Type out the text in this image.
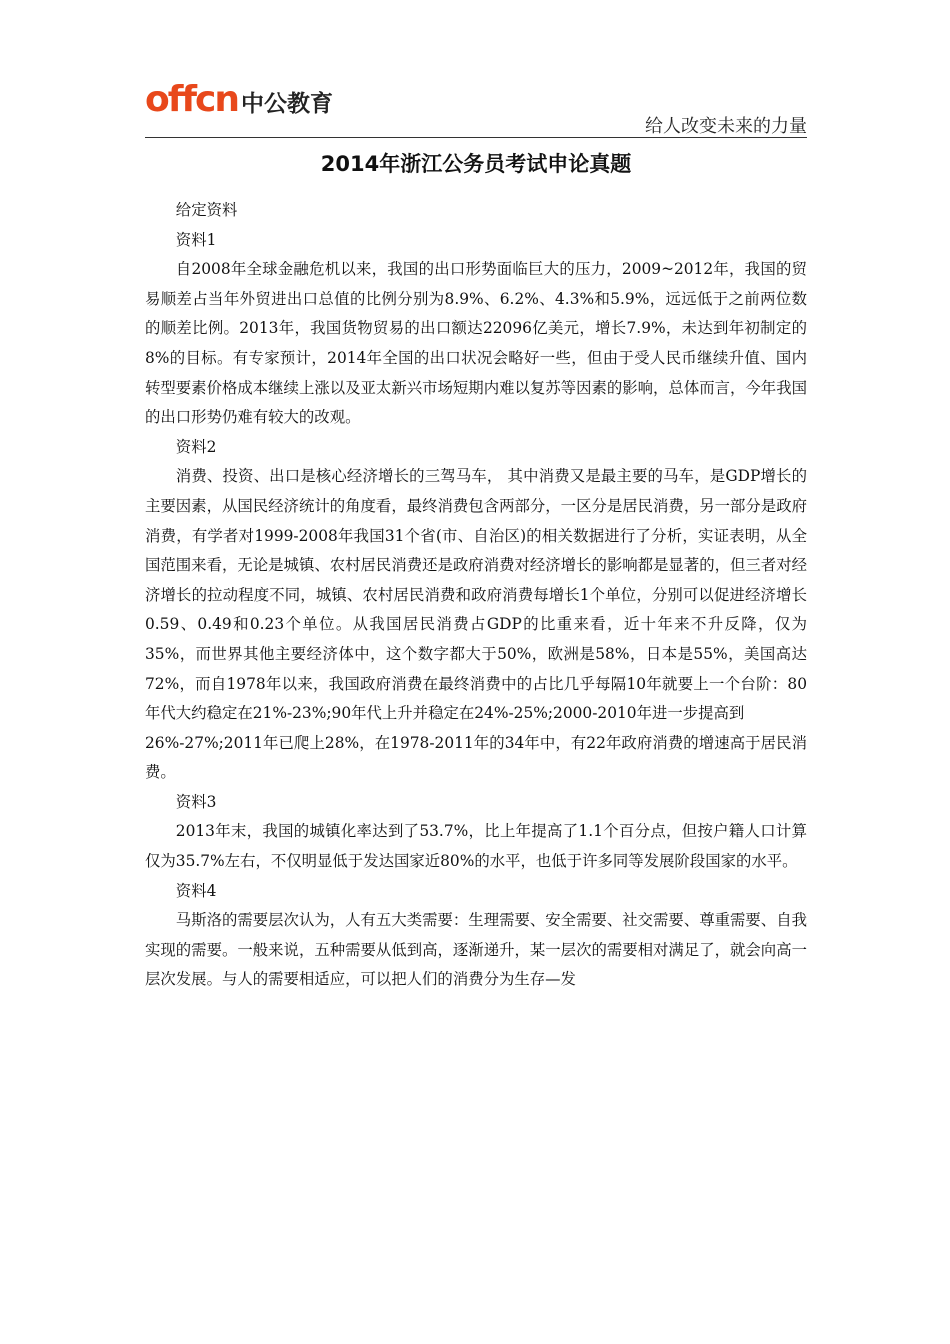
offcn 中公教育
给人改变未来的力量
2014年浙江公务员考试申论真题

给定资料

资料1

自2008年全球金融危机以来，我国的出口形势面临巨大的压力，2009~2012年，我国的贸易顺差占当年外贸进出口总值的比例分别为8.9%、6.2%、4.3%和5.9%，远远低于之前两位数的顺差比例。2013年，我国货物贸易的出口额达22096亿美元，增长7.9%，未达到年初制定的8%的目标。有专家预计，2014年全国的出口状况会略好一些，但由于受人民币继续升值、国内转型要素价格成本继续上涨以及亚太新兴市场短期内难以复苏等因素的影响，总体而言，今年我国的出口形势仍难有较大的改观。

资料2

消费、投资、出口是核心经济增长的三驾马车， 其中消费又是最主要的马车，是GDP增长的主要因素，从国民经济统计的角度看，最终消费包含两部分，一区分是居民消费，另一部分是政府消费，有学者对1999-2008年我国31个省(市、自治区)的相关数据进行了分析，实证表明，从全国范围来看，无论是城镇、农村居民消费还是政府消费对经济增长的影响都是显著的，但三者对经济增长的拉动程度不同，城镇、农村居民消费和政府消费每增长1个单位，分别可以促进经济增长0.59、0.49和0.23个单位。从我国居民消费占GDP的比重来看，近十年来不升反降，仅为35%，而世界其他主要经济体中，这个数字都大于50%，欧洲是58%，日本是55%，美国高达72%，而自1978年以来，我国政府消费在最终消费中的占比几乎每隔10年就要上一个台阶：80年代大约稳定在21%-23%;90年代上升并稳定在24%-25%;2000-2010年进一步提高到

26%-27%;2011年已爬上28%，在1978-2011年的34年中，有22年政府消费的增速高于居民消费。

资料3

2013年末，我国的城镇化率达到了53.7%，比上年提高了1.1个百分点，但按户籍人口计算仅为35.7%左右，不仅明显低于发达国家近80%的水平，也低于许多同等发展阶段国家的水平。

资料4

马斯洛的需要层次认为，人有五大类需要：生理需要、安全需要、社交需要、尊重需要、自我实现的需要。一般来说，五种需要从低到高，逐渐递升，某一层次的需要相对满足了，就会向高一层次发展。与人的需要相适应，可以把人们的消费分为生存—发
